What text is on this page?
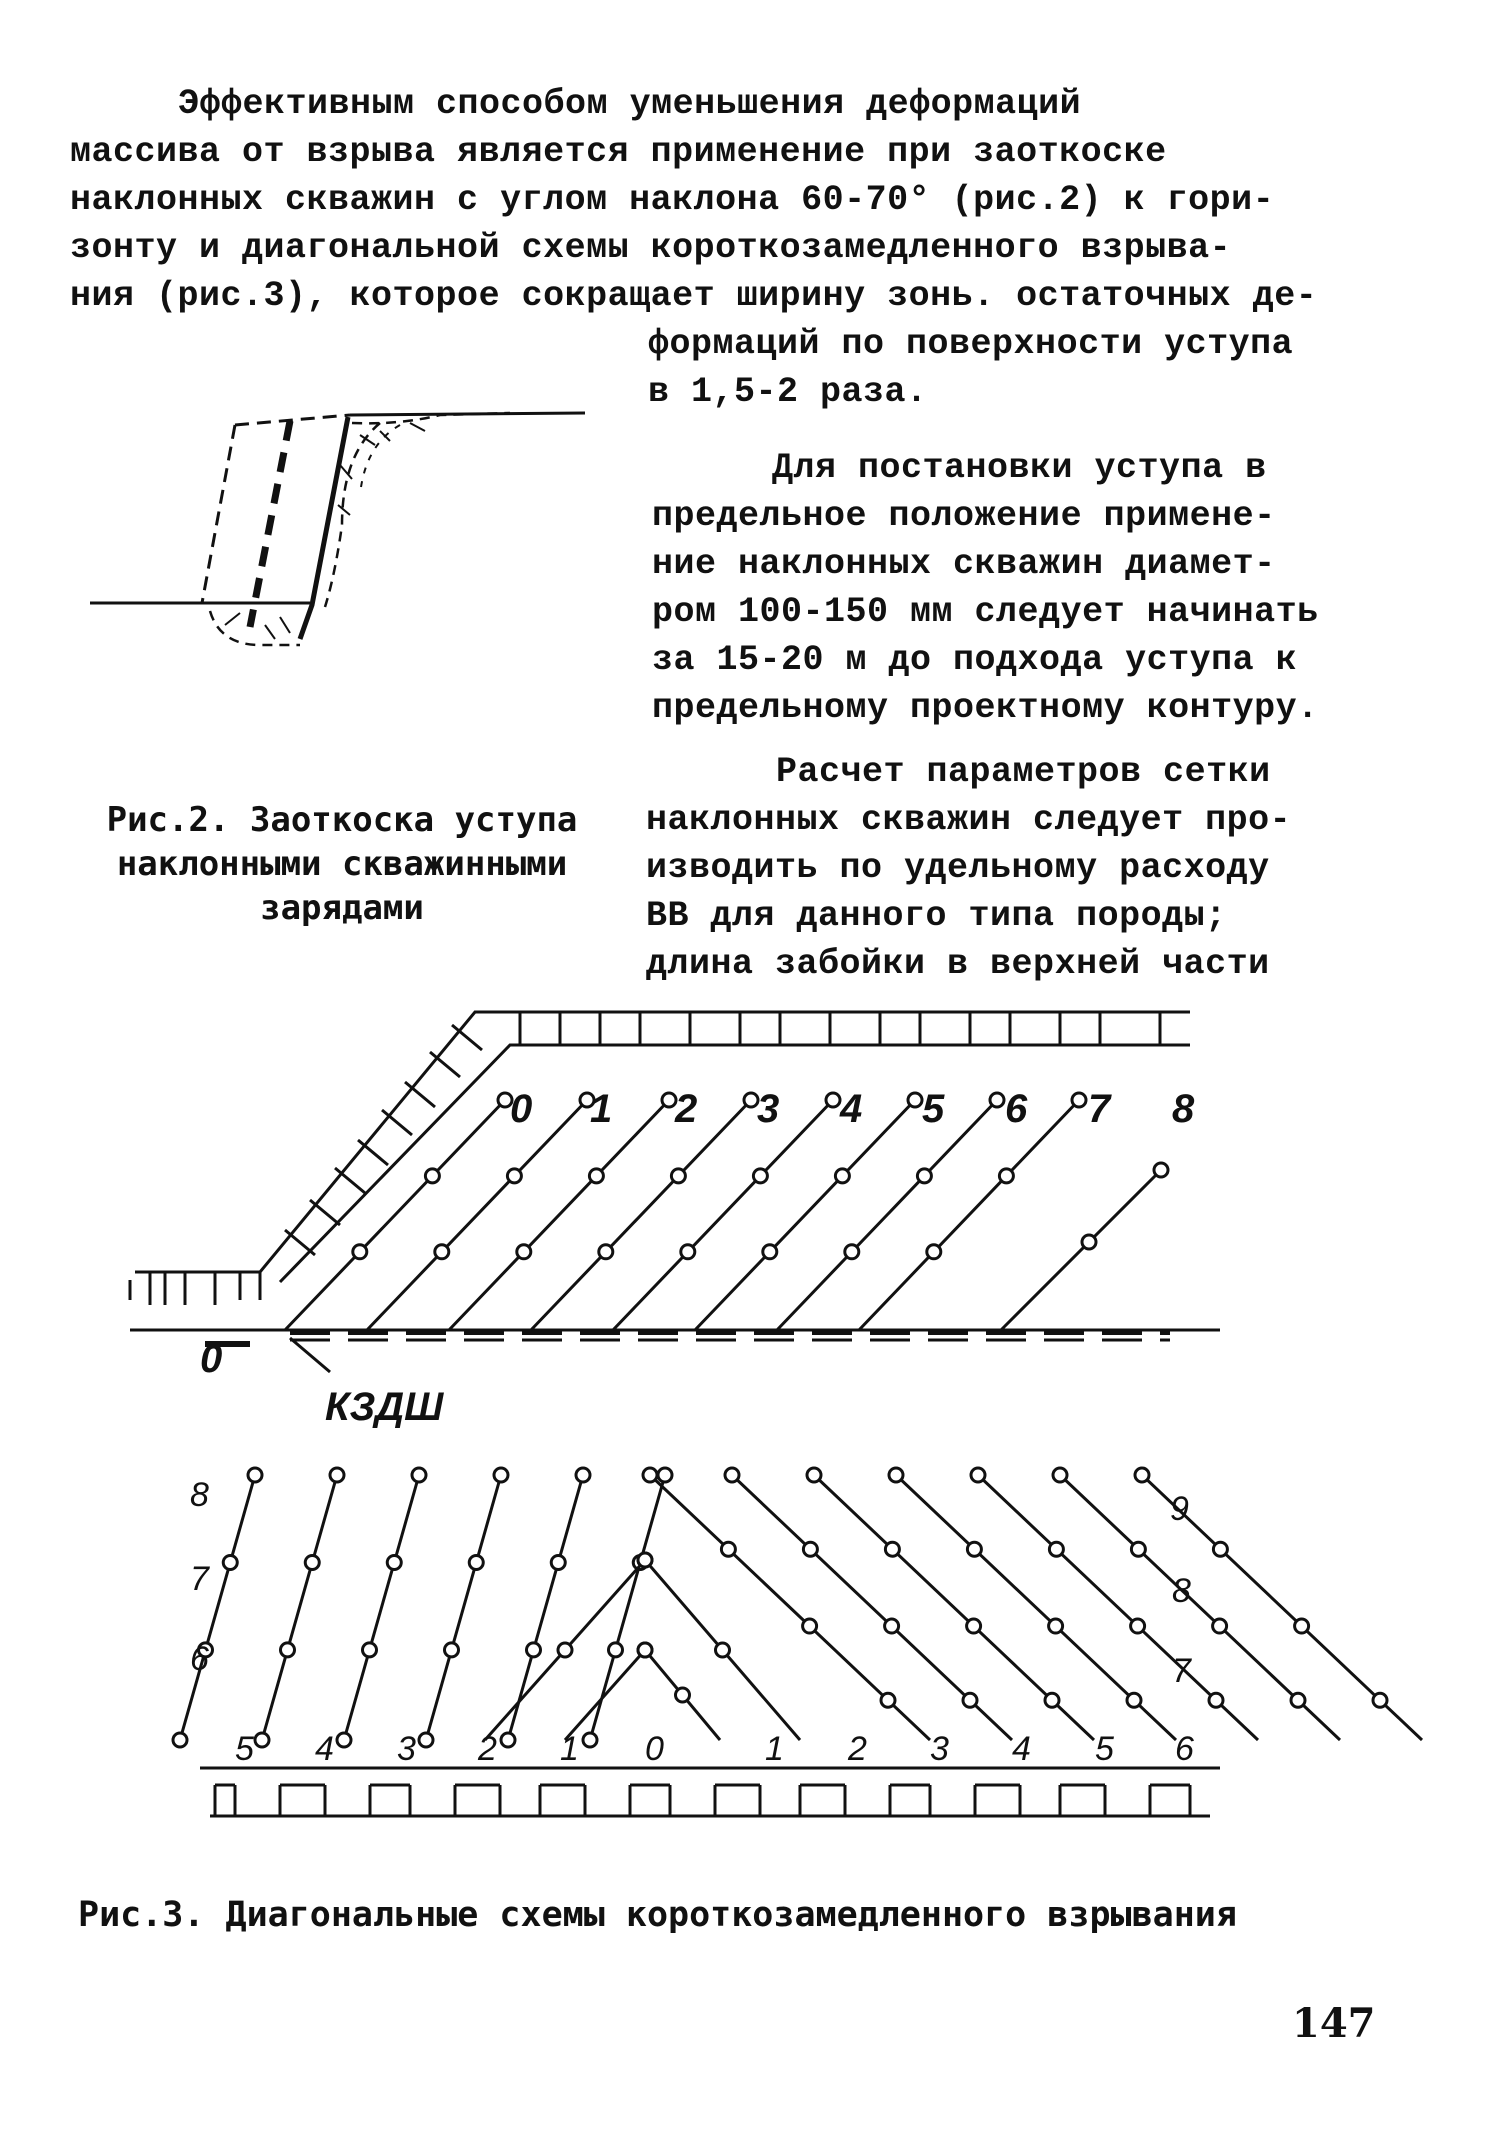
Эффективным способом уменьшения деформаций
массива от взрыва является применение при заоткоске
наклонных скважин с углом наклона 60-70° (рис.2) к гори-
зонту и диагональной схемы короткозамедленного взрыва-
ния (рис.3), которое сокращает ширину зонь. остаточных де-
формаций по поверхности уступа
в 1,5-2 раза.
Для постановки уступа в
предельное положение примене-
ние наклонных скважин диамет-
ром 100-150 мм следует начинать
за 15-20 м до подхода уступа к
предельному проектному контуру.
Расчет параметров сетки
наклонных скважин следует про-
изводить по удельному расходу
ВВ для данного типа породы;
длина забойки в верхней части
Рис.2. Заоткоска уступа
наклонными скважинными
зарядами
0 1 2 3 4 5 6 7 8
0
КЗДШ
8
7
6
9
8
7
5 4 3 2 1 0	1 2 3 4 5 6
Рис.3. Диагональные схемы короткозамедленного взрывания
147
